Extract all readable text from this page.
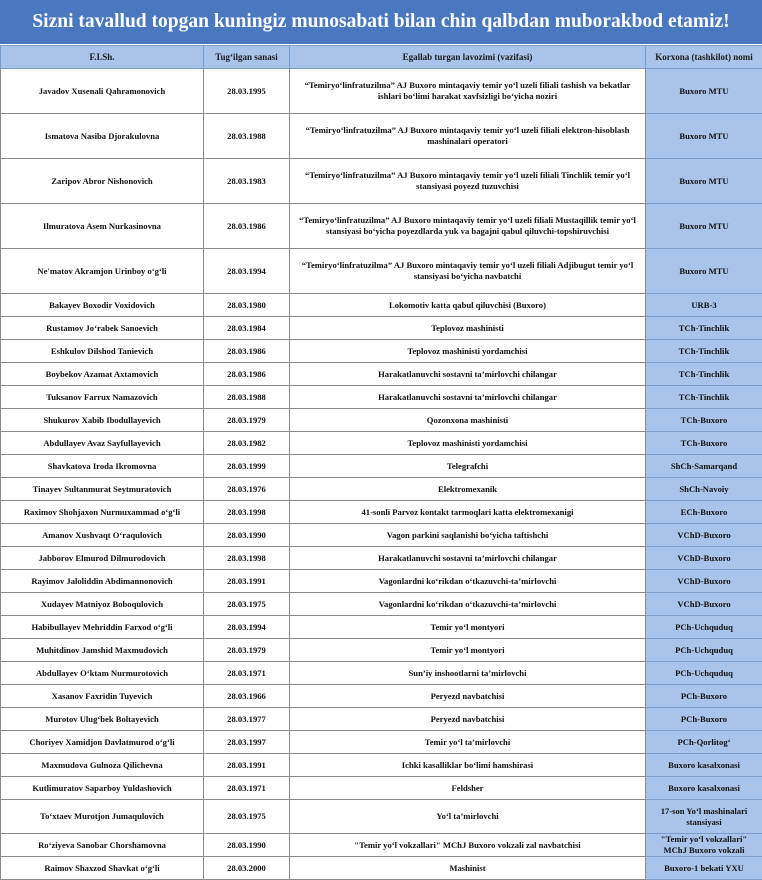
Sizni tavallud topgan kuningiz munosabati bilan chin qalbdan muborakbod etamiz!
F.I.Sh.	Tug‘ilgan sanasi	Egallab turgan lavozimi (vazifasi)	Korxona (tashkilot) nomi
Javadov Xusenali Qahramonovich	28.03.1995	“Temiryo‘linfratuzilma” AJ Buxoro mintaqaviy temir yo‘l uzeli filiali tashish va bekatlar ishlari bo‘limi harakat xavfsizligi bo‘yicha noziri	Buxoro MTU
Ismatova Nasiba Djorakulovna	28.03.1988	“Temiryo‘linfratuzilma” AJ Buxoro mintaqaviy temir yo‘l uzeli filiali elektron-hisoblash mashinalari operatori	Buxoro MTU
Zaripov Abror Nishonovich	28.03.1983	“Temiryo‘linfratuzilma” AJ Buxoro mintaqaviy temir yo‘l uzeli filiali Tinchlik temir yo‘l stansiyasi poyezd tuzuvchisi	Buxoro MTU
Ilmuratova Asem Nurkasinovna	28.03.1986	“Temiryo‘linfratuzilma” AJ Buxoro mintaqaviy temir yo‘l uzeli filiali Mustaqillik temir yo‘l stansiyasi bo‘yicha poyezdlarda yuk va bagajni qabul qiluvchi-topshiruvchisi	Buxoro MTU
Ne'matov Akramjon Urinboy o‘g‘li	28.03.1994	“Temiryo‘linfratuzilma” AJ Buxoro mintaqaviy temir yo‘l uzeli filiali Adjibugut temir yo‘l stansiyasi bo‘yicha navbatchi	Buxoro MTU
Bakayev Boxodir Voxidovich	28.03.1980	Lokomotiv katta qabul qiluvchisi (Buxoro)	URB-3
Rustamov Jo‘rabek Sanoevich	28.03.1984	Teplovoz mashinisti	TCh-Tinchlik
Eshkulov Dilshod Tanievich	28.03.1986	Teplovoz mashinisti yordamchisi	TCh-Tinchlik
Boybekov Azamat Axtamovich	28.03.1986	Harakatlanuvchi sostavni ta’mirlovchi chilangar	TCh-Tinchlik
Tuksanov Farrux Namazovich	28.03.1988	Harakatlanuvchi sostavni ta’mirlovchi chilangar	TCh-Tinchlik
Shukurov Xabib Ibodullayevich	28.03.1979	Qozonxona mashinisti	TCh-Buxoro
Abdullayev Avaz Sayfullayevich	28.03.1982	Teplovoz mashinisti yordamchisi	TCh-Buxoro
Shavkatova Iroda Ikromovna	28.03.1999	Telegrafchi	ShCh-Samarqand
Tinayev Sultanmurat Seytmuratovich	28.03.1976	Elektromexanik	ShCh-Navoiy
Raximov Shohjaxon Nurmuxammad o‘g‘li	28.03.1998	41-sonli Parvoz kontakt tarmoqlari katta elektromexanigi	ECh-Buxoro
Amanov Xushvaqt O‘raqulovich	28.03.1990	Vagon parkini saqlanishi bo‘yicha taftishchi	VChD-Buxoro
Jabborov Elmurod Dilmurodovich	28.03.1998	Harakatlanuvchi sostavni ta’mirlovchi chilangar	VChD-Buxoro
Rayimov Jaloliddin Abdimannonovich	28.03.1991	Vagonlardni ko‘rikdan o‘tkazuvchi-ta’mirlovchi	VChD-Buxoro
Xudayev Matniyoz Boboqulovich	28.03.1975	Vagonlardni ko‘rikdan o‘tkazuvchi-ta’mirlovchi	VChD-Buxoro
Habibullayev Mehriddin Farxod o‘g‘li	28.03.1994	Temir yo‘l montyori	PCh-Uchquduq
Muhitdinov Jamshid Maxmudovich	28.03.1979	Temir yo‘l montyori	PCh-Uchquduq
Abdullayev O‘ktam Nurmurotovich	28.03.1971	Sun’iy inshootlarni ta’mirlovchi	PCh-Uchquduq
Xasanov Faxridin Tuyevich	28.03.1966	Peryezd navbatchisi	PCh-Buxoro
Murotov Ulug‘bek Boltayevich	28.03.1977	Peryezd navbatchisi	PCh-Buxoro
Choriyev Xamidjon Davlatmurod o‘g‘li	28.03.1997	Temir yo‘l ta’mirlovchi	PCh-Qorlitog‘
Maxmudova Gulnoza Qilichevna	28.03.1991	Ichki kasalliklar bo‘limi hamshirasi	Buxoro kasalxonasi
Kutlimuratov Saparboy Yuldashovich	28.03.1971	Feldsher	Buxoro kasalxonasi
To‘xtaev Murotjon Jumaqulovich	28.03.1975	Yo‘l ta’mirlovchi	17-son Yo‘l mashinalari stansiyasi
Ro‘ziyeva Sanobar Chorshamovna	28.03.1990	"Temir yo‘l vokzallari" MChJ Buxoro vokzali zal navbatchisi	"Temir yo‘l vokzallari" MChJ Buxoro vokzali
Raimov Shaxzod Shavkat o‘g‘li	28.03.2000	Mashinist	Buxoro-1 bekati YXU
